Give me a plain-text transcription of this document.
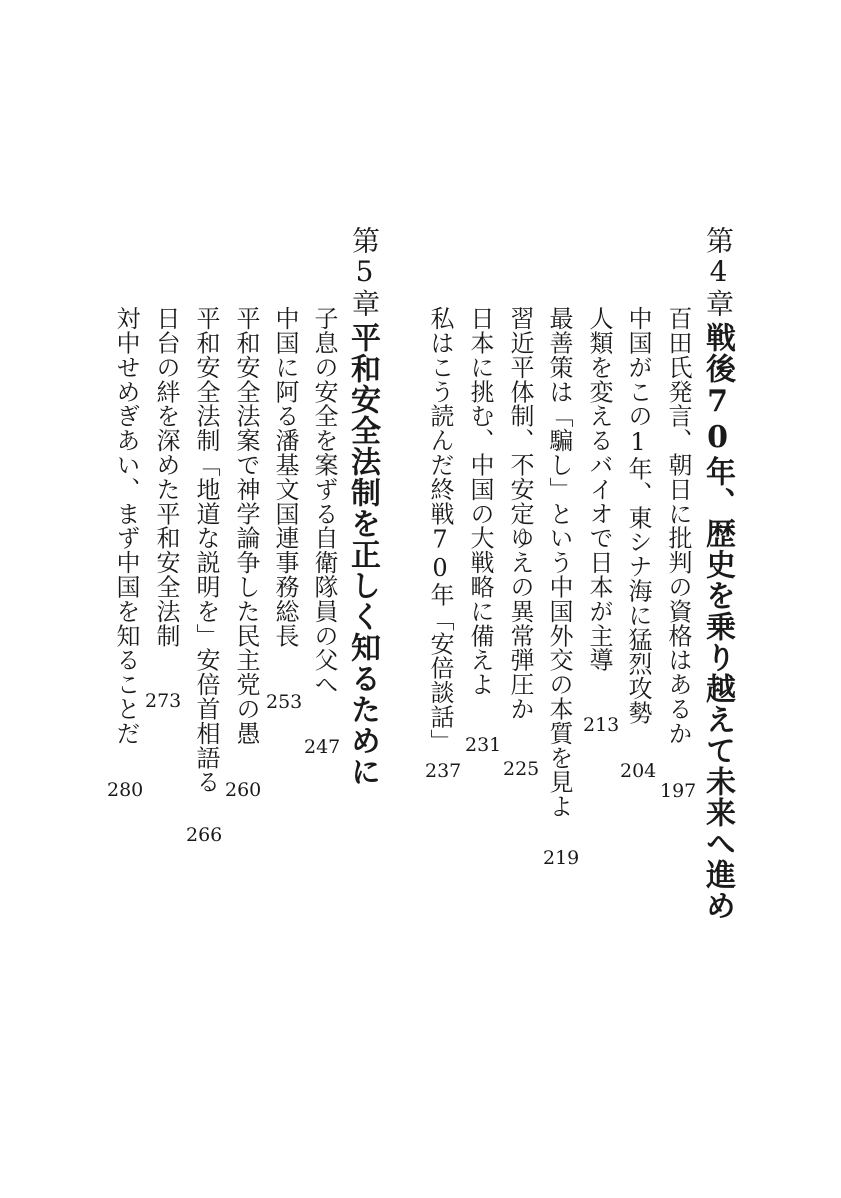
第4章
戦後70年、歴史を乗り越えて未来へ進め
百田氏発言、朝日に批判の資格はあるか
中国がこの1年、東シナ海に猛烈攻勢
人類を変えるバイオで日本が主導
最善策は「騙し」という中国外交の本質を見よ
習近平体制、不安定ゆえの異常弾圧か
日本に挑む、中国の大戦略に備えよ
私はこう読んだ終戦70年「安倍談話」
197
204
213
219
225
231
237
第5章
平和安全法制を正しく知るために
子息の安全を案ずる自衛隊員の父へ
中国に阿る潘基文国連事務総長
平和安全法案で神学論争した民主党の愚
平和安全法制「地道な説明を」安倍首相語る
日台の絆を深めた平和安全法制
対中せめぎあい、まず中国を知ることだ
247
253
260
266
273
280
